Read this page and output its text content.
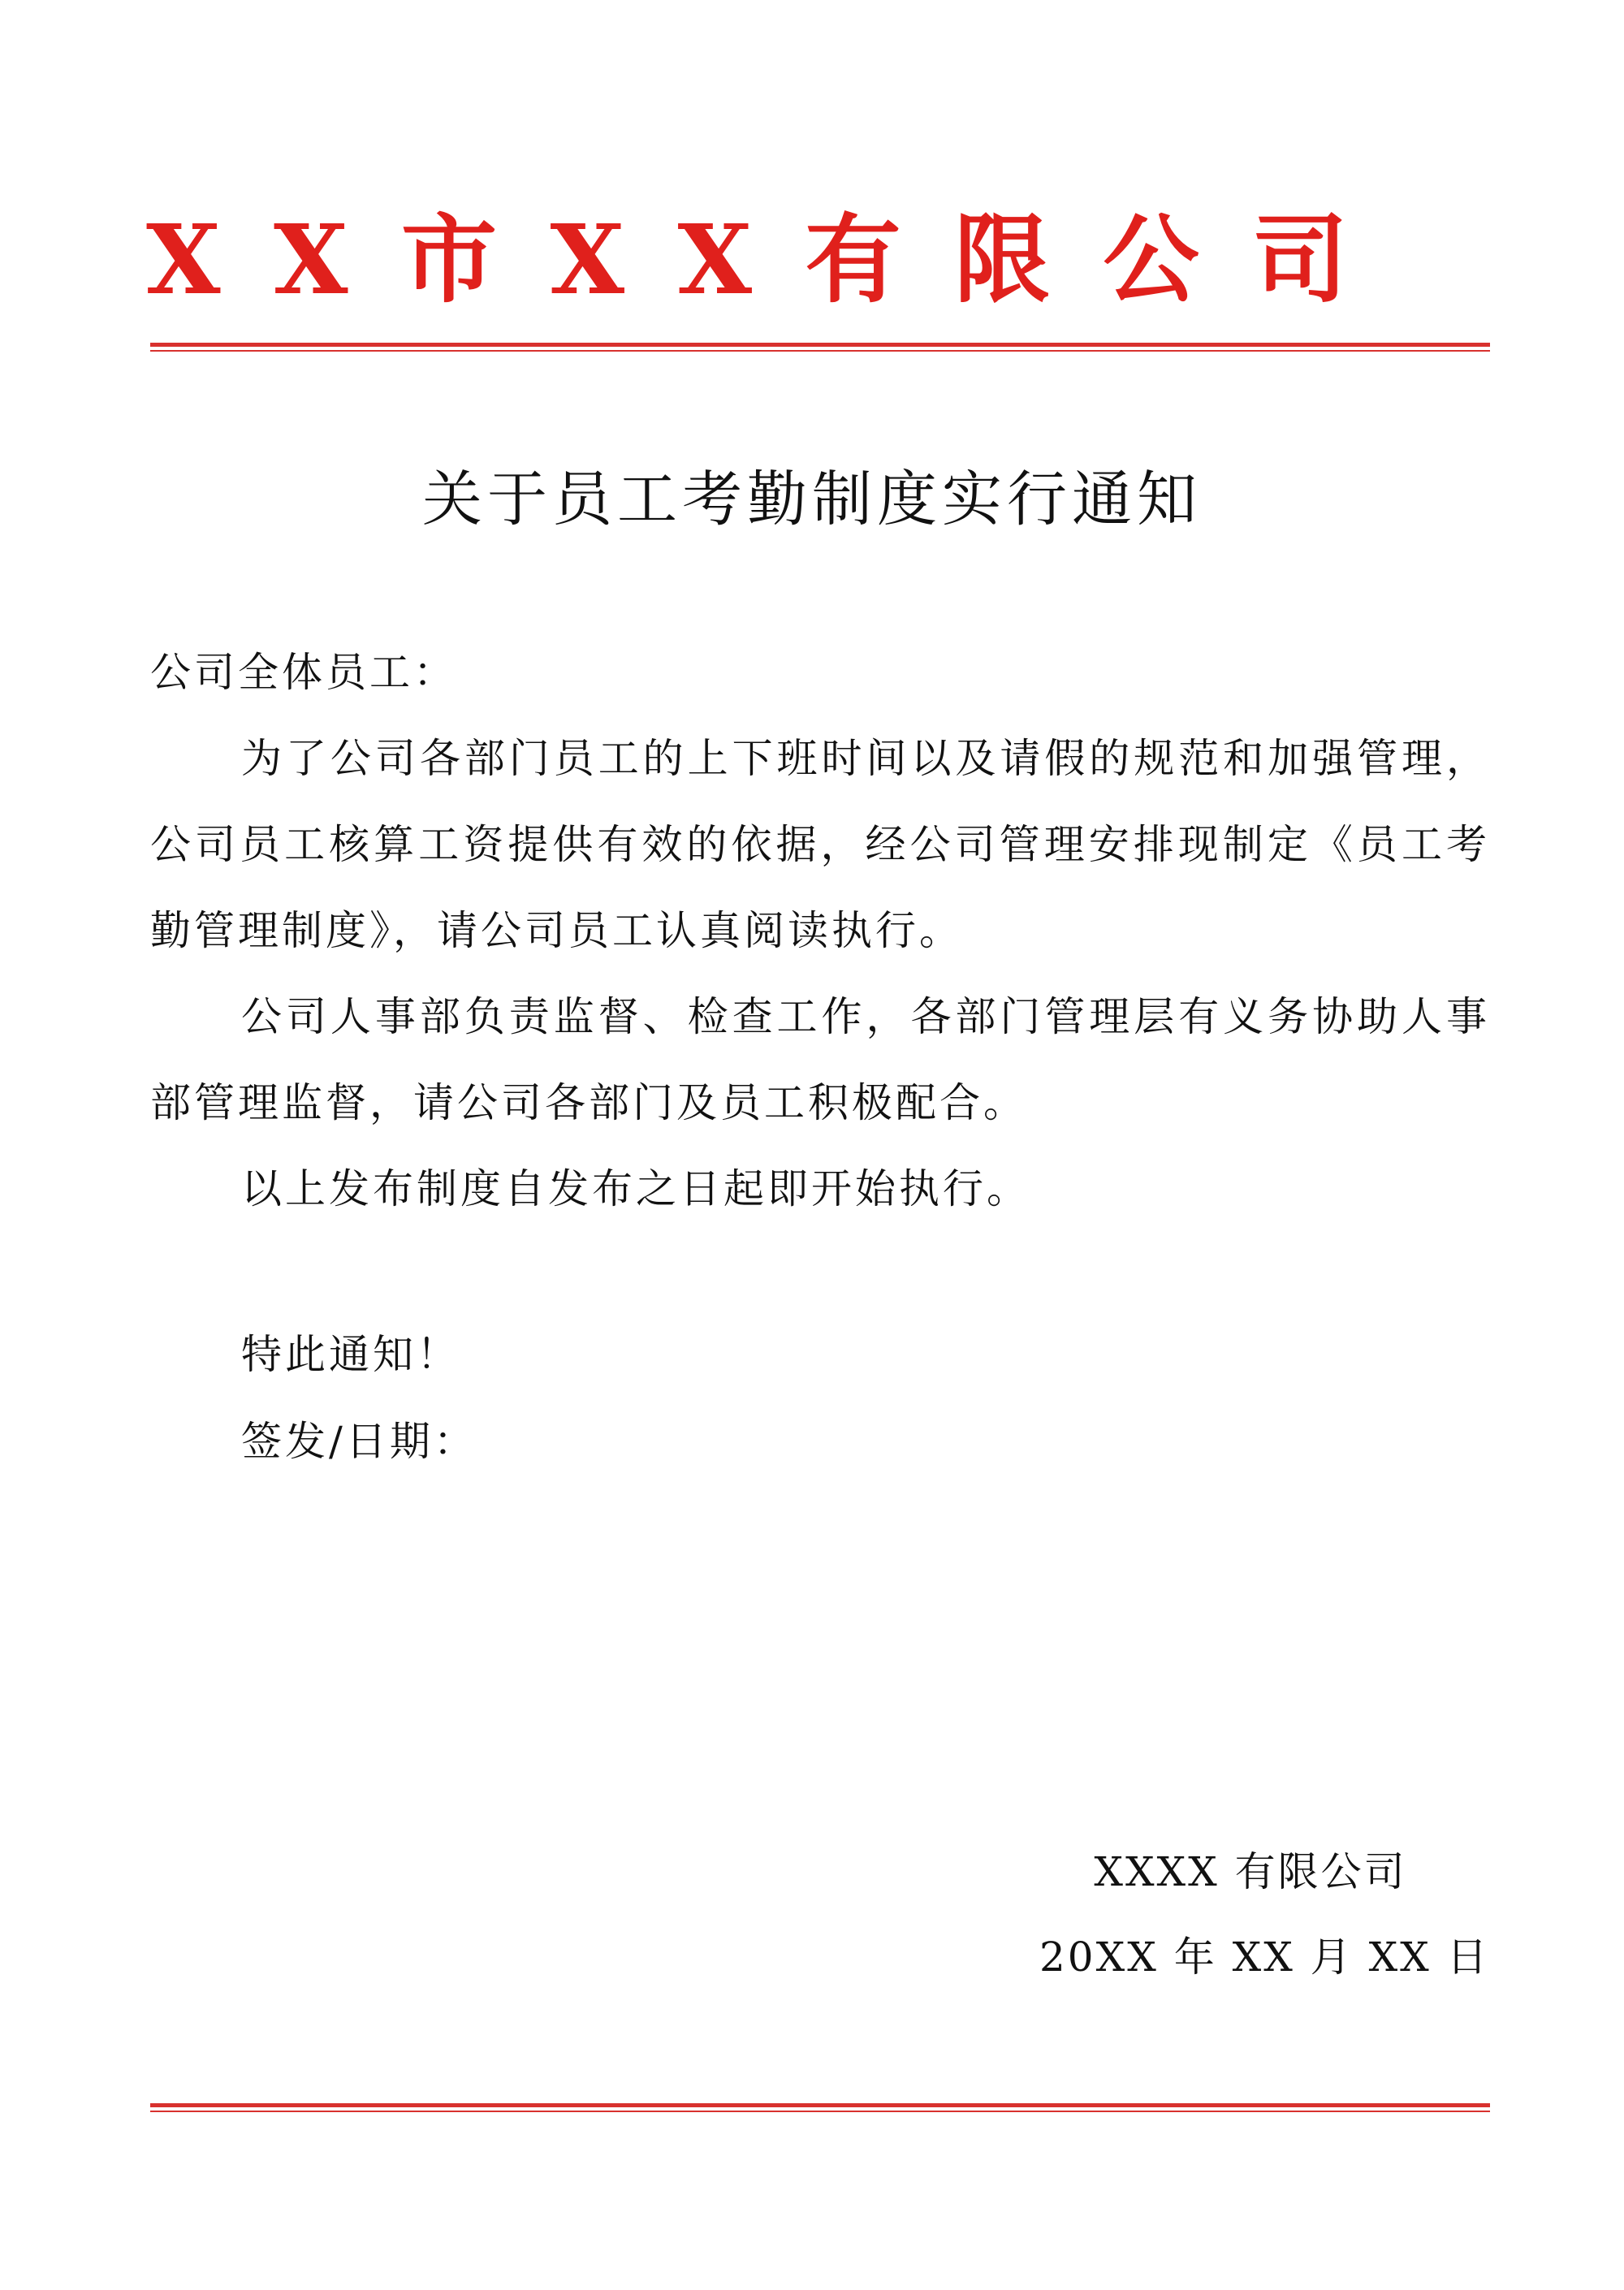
X X 市 X X 有 限 公 司
关于员工考勤制度实行通知
公司全体员工：
为了公司各部门员工的上下班时间以及请假的规范和加强管理，
公司员工核算工资提供有效的依据，经公司管理安排现制定《员工考
勤管理制度》，请公司员工认真阅读执行。
公司人事部负责监督、检查工作，各部门管理层有义务协助人事
部管理监督，请公司各部门及员工积极配合。
以上发布制度自发布之日起即开始执行。
特此通知！
签发/日期：
XXXX 有限公司
20XX 年 XX 月 XX 日
